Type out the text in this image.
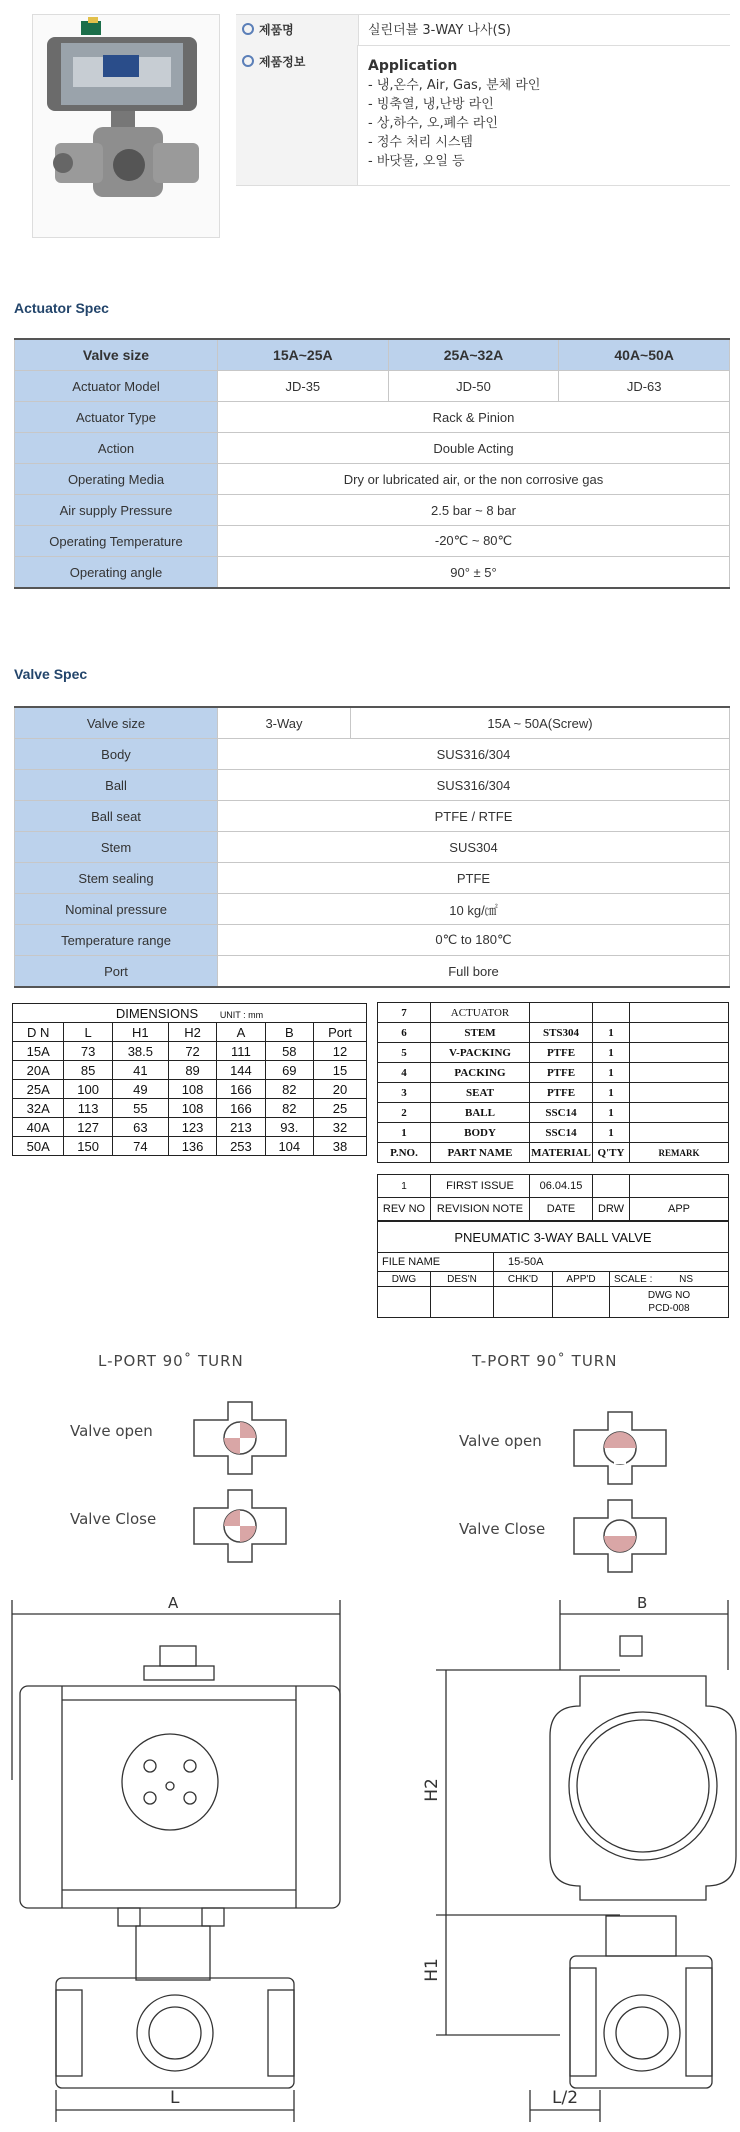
제품명	실린더블 3-WAY 나사(S)
제품정보	Application
- 냉,온수, Air, Gas, 분체 라인
- 빙축열, 냉,난방 라인
- 상,하수, 오,폐수 라인
- 정수 처리 시스템
- 바닷물, 오일 등
Actuator Spec
Valve size	15A~25A	25A~32A	40A~50A
Actuator Model	JD-35	JD-50	JD-63
Actuator Type	Rack & Pinion		
Action	Double Acting		
Operating Media	Dry or lubricated air, or the non corrosive gas		
Air supply Pressure	2.5 bar ~ 8 bar		
Operating Temperature	-20℃ ~ 80℃		
Operating angle	90° ± 5°		
Valve Spec
Valve size	3-Way	15A ~ 50A(Screw)
Body	SUS316/304	
Ball	SUS316/304	
Ball seat	PTFE / RTFE	
Stem	SUS304	
Stem sealing	PTFE	
Nominal pressure	10 kg/㎠	
Temperature range	0℃ to 180℃	
Port	Full bore	
DIMENSIONS UNIT : mm						
D N	L	H1	H2	A	B	Port
15A	73	38.5	72	111	58	12
20A	85	41	89	144	69	15
25A	100	49	108	166	82	20
32A	113	55	108	166	82	25
40A	127	63	123	213	93.	32
50A	150	74	136	253	104	38
7	ACTUATOR			
6	STEM	STS304	1	
5	V-PACKING	PTFE	1	
4	PACKING	PTFE	1	
3	SEAT	PTFE	1	
2	BALL	SSC14	1	
1	BODY	SSC14	1	
P.NO.	PART NAME	MATERIAL	Q'TY	REMARK
1	FIRST ISSUE	06.04.15		
REV NO	REVISION NOTE	DATE	DRW	APP
PNEUMATIC 3-WAY BALL VALVE				
FILE NAME		15-50A		
DWG	DES'N	CHK'D	APP'D	SCALE : NS

				DWG NO
PCD-008
L-PORT 90˚ TURN	T-PORT 90˚ TURN
Valve open
Valve Close
Valve open
Valve Close
A	B
H2
H1
L	L/2
